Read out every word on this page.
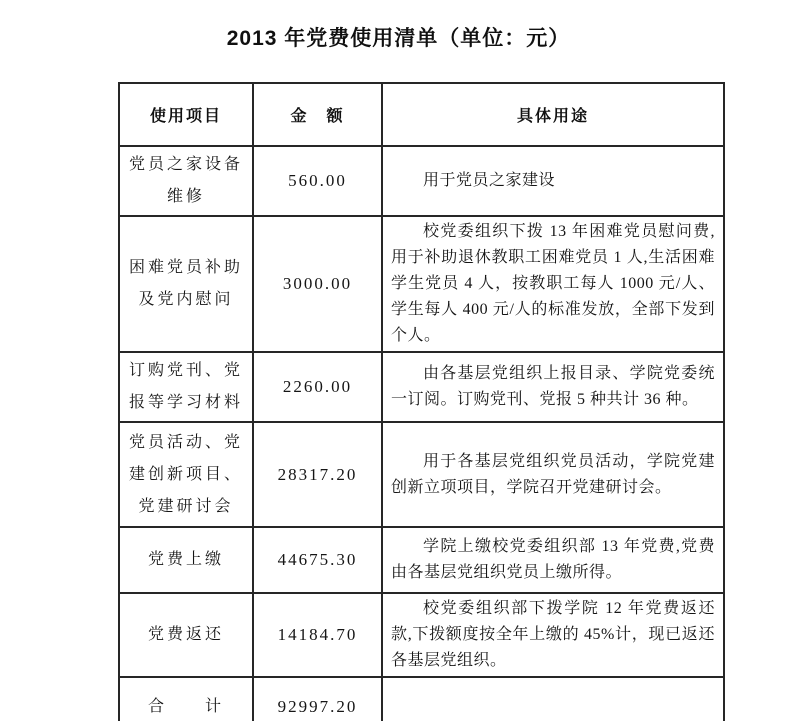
2013 年党费使用清单（单位：元）
使用项目	金　额	具体用途
党员之家设备维修	560.00	用于党员之家建设
困难党员补助及党内慰问	3000.00	校党委组织下拨 13 年困难党员慰问费,用于补助退休教职工困难党员 1 人,生活困难学生党员 4 人，按教职工每人 1000 元/人、学生每人 400 元/人的标准发放，全部下发到个人。
订购党刊、党报等学习材料	2260.00	由各基层党组织上报目录、学院党委统一订阅。订购党刊、党报 5 种共计 36 种。
党员活动、党建创新项目、党建研讨会	28317.20	用于各基层党组织党员活动，学院党建创新立项项目，学院召开党建研讨会。
党费上缴	44675.30	学院上缴校党委组织部 13 年党费,党费由各基层党组织党员上缴所得。
党费返还	14184.70	校党委组织部下拨学院 12 年党费返还款,下拨额度按全年上缴的 45%计，现已返还各基层党组织。
合　　计	92997.20	
